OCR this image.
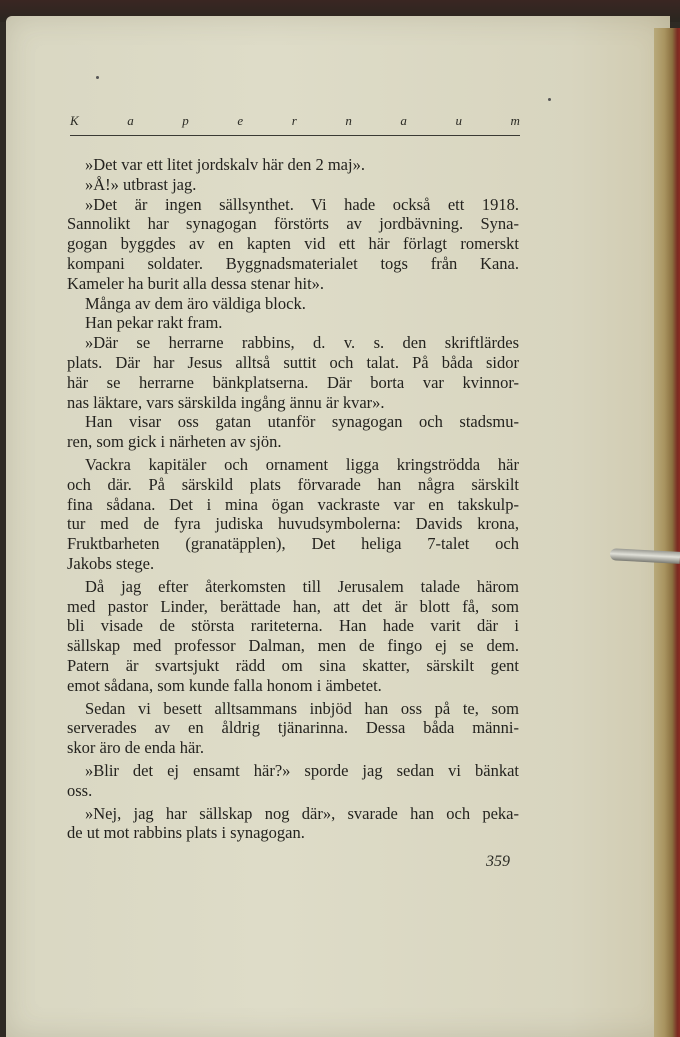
K	a	p	e	r	n	a	u	m
»Det var ett litet jordskalv här den 2 maj».
»Å!» utbrast jag.
»Det är ingen sällsynthet. Vi hade också ett 1918.
Sannolikt har synagogan förstörts av jordbävning. Syna-
gogan byggdes av en kapten vid ett här förlagt romerskt
kompani soldater. Byggnadsmaterialet togs från Kana.
Kameler ha burit alla dessa stenar hit».
Många av dem äro väldiga block.
Han pekar rakt fram.
»Där se herrarne rabbins, d. v. s. den skriftlärdes
plats. Där har Jesus alltså suttit och talat. På båda sidor
här se herrarne bänkplatserna. Där borta var kvinnor-
nas läktare, vars särskilda ingång ännu är kvar».
Han visar oss gatan utanför synagogan och stadsmu-
ren, som gick i närheten av sjön.
Vackra kapitäler och ornament ligga kringströdda här
och där. På särskild plats förvarade han några särskilt
fina sådana. Det i mina ögan vackraste var en takskulp-
tur med de fyra judiska huvudsymbolerna: Davids krona,
Fruktbarheten (granatäpplen), Det heliga 7-talet och
Jakobs stege.
Då jag efter återkomsten till Jerusalem talade härom
med pastor Linder, berättade han, att det är blott få, som
bli visade de största rariteterna. Han hade varit där i
sällskap med professor Dalman, men de fingo ej se dem.
Patern är svartsjukt rädd om sina skatter, särskilt gent
emot sådana, som kunde falla honom i ämbetet.
Sedan vi besett alltsammans inbjöd han oss på te, som
serverades av en åldrig tjänarinna. Dessa båda männi-
skor äro de enda här.
»Blir det ej ensamt här?» sporde jag sedan vi bänkat
oss.
»Nej, jag har sällskap nog där», svarade han och peka-
de ut mot rabbins plats i synagogan.
359
